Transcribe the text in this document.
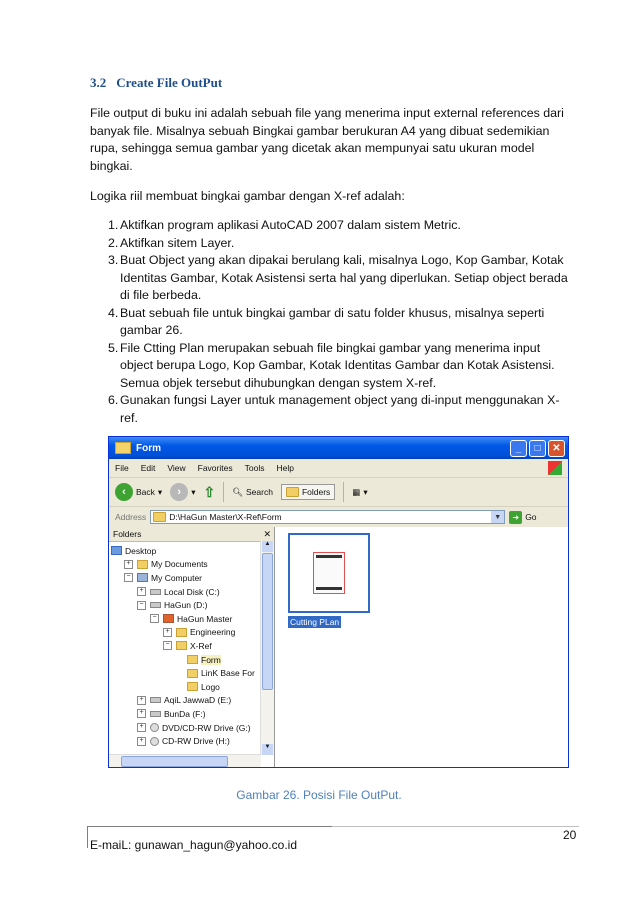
3.2 Create File OutPut
File output di buku ini adalah sebuah file yang menerima input external references dari banyak file. Misalnya sebuah Bingkai gambar berukuran A4 yang dibuat sedemikian rupa, sehingga semua gambar yang dicetak akan mempunyai satu ukuran model bingkai.
Logika riil membuat bingkai gambar dengan X-ref adalah:
1. Aktifkan program aplikasi AutoCAD 2007 dalam sistem Metric.
2. Aktifkan sitem Layer.
3. Buat Object yang akan dipakai berulang kali, misalnya Logo, Kop Gambar, Kotak Identitas Gambar, Kotak Asistensi serta hal yang diperlukan. Setiap object berada di file berbeda.
4. Buat sebuah file untuk bingkai gambar di satu folder khusus, misalnya seperti gambar 26.
5. File Ctting Plan merupakan sebuah file bingkai gambar yang menerima input object berupa Logo, Kop Gambar, Kotak Identitas Gambar dan Kotak Asistensi. Semua objek tersebut dihubungkan dengan system X-ref.
6. Gunakan fungsi Layer untuk management object yang di-input menggunakan X-ref.
Form	_	□	✕
File Edit View Favorites Tools Help
‹	Back ▾	›	▾ ⇧ 🔍︎ Search	Folders	▦ ▾
Address	D:\HaGun Master\X-Ref\Form	▼	➜ Go
Folders	✕
Desktop
+ My Documents
− My Computer
+ Local Disk (C:)
− HaGun (D:)
− HaGun Master
+ Engineering
− X-Ref
Form
LinK Base For
Logo
+ AqiL JawwaD (E:)
+ BunDa (F:)
+ DVD/CD-RW Drive (G:)
+ CD-RW Drive (H:)
▲
▼
Cutting PLan
Gambar 26. Posisi File OutPut.
E-maiL: gunawan_hagun@yahoo.co.id
20
